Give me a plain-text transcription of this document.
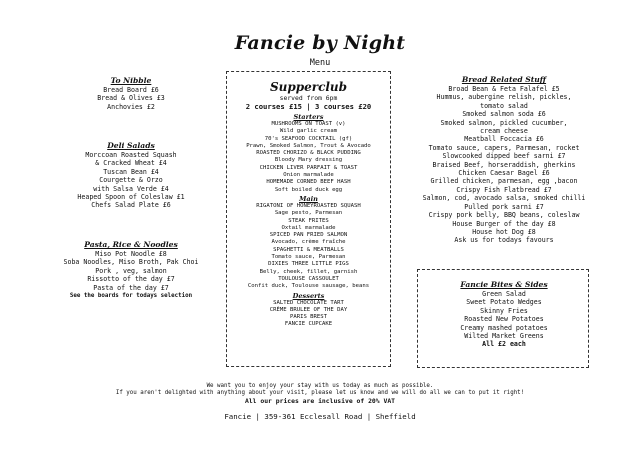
Fancie by Night
Menu
To Nibble
Bread Board £6
Bread & Olives £3
Anchovies £2
Deli Salads
Morccoan Roasted Squash
& Cracked Wheat £4
Tuscan Bean £4
Courgette & Orzo
with Salsa Verde £4
Heaped Spoon of Coleslaw £1
Chefs Salad Plate £6
Pasta, Rice & Noodles
Miso Pot Noodle £8
Soba Noodles, Miso Broth, Pak Choi
Pork , veg, salmon
Rissotto of the day £7
Pasta of the day £7
See the boards for todays selection
Supperclub
served from 6pm
2 courses £15 | 3 courses £20
Starters
MUSHROOMS ON TOAST (v)
Wild garlic cream
70's SEAFOOD COCKTAIL (gf)
Prawn, Smoked Salmon, Trout & Avocado
ROASTED CHORIZO & BLACK PUDDING
Bloody Mary dressing
CHICKEN LIVER PARFAIT & TOAST
Onion marmalade
HOMEMADE CORNED BEEF HASH
Soft boiled duck egg
Main
RIGATONI OF HONEYROASTED SQUASH
Sage pesto, Parmesan
STEAK FRITES
Oxtail marmalade
SPICED PAN FRIED SALMON
Avocado, crème fraîche
SPAGHETTI & MEATBALLS
Tomato sauce, Parmesan
DIXIES THREE LITTLE PIGS
Belly, cheek, fillet, garnish
TOULOUSE CASSOULET
Confit duck, Toulouse sausage, beans
Desserts
SALTED CHOCOLATE TART
CRÈME BRULEE OF THE DAY
PARIS BREST
FANCIE CUPCAKE
Bread Related Stuff
Broad Bean & Feta Falafel £5
Hummus, aubergine relish, pickles,
tomato salad
Smoked salmon soda £6
Smoked salmon, pickled cucumber,
cream cheese
Meatball Foccacia £6
Tomato sauce, capers, Parmesan, rocket
Slowcooked dipped beef sarni £7
Braised Beef, horseraddish, gherkins
Chicken Caesar Bagel £6
Grilled chicken, parmesan, egg ,bacon
Crispy Fish Flatbread £7
Salmon, cod, avocado salsa, smoked chilli
Pulled pork sarni £7
Crispy pork belly, BBQ beans, coleslaw
House Burger of the day £8
House hot Dog £8
Ask us for todays favours
Fancie Bites & Sides
Green Salad
Sweet Potato Wedges
Skinny Fries
Roasted New Potatoes
Creamy mashed potatoes
Wilted Market Greens
All £2 each
We want you to enjoy your stay with us today as much as possible.
If you aren't delighted with anything about your visit, please let us know and we will do all we can to put it right!
All our prices are inclusive of 20% VAT
Fancie | 359-361 Ecclesall Road | Sheffield
